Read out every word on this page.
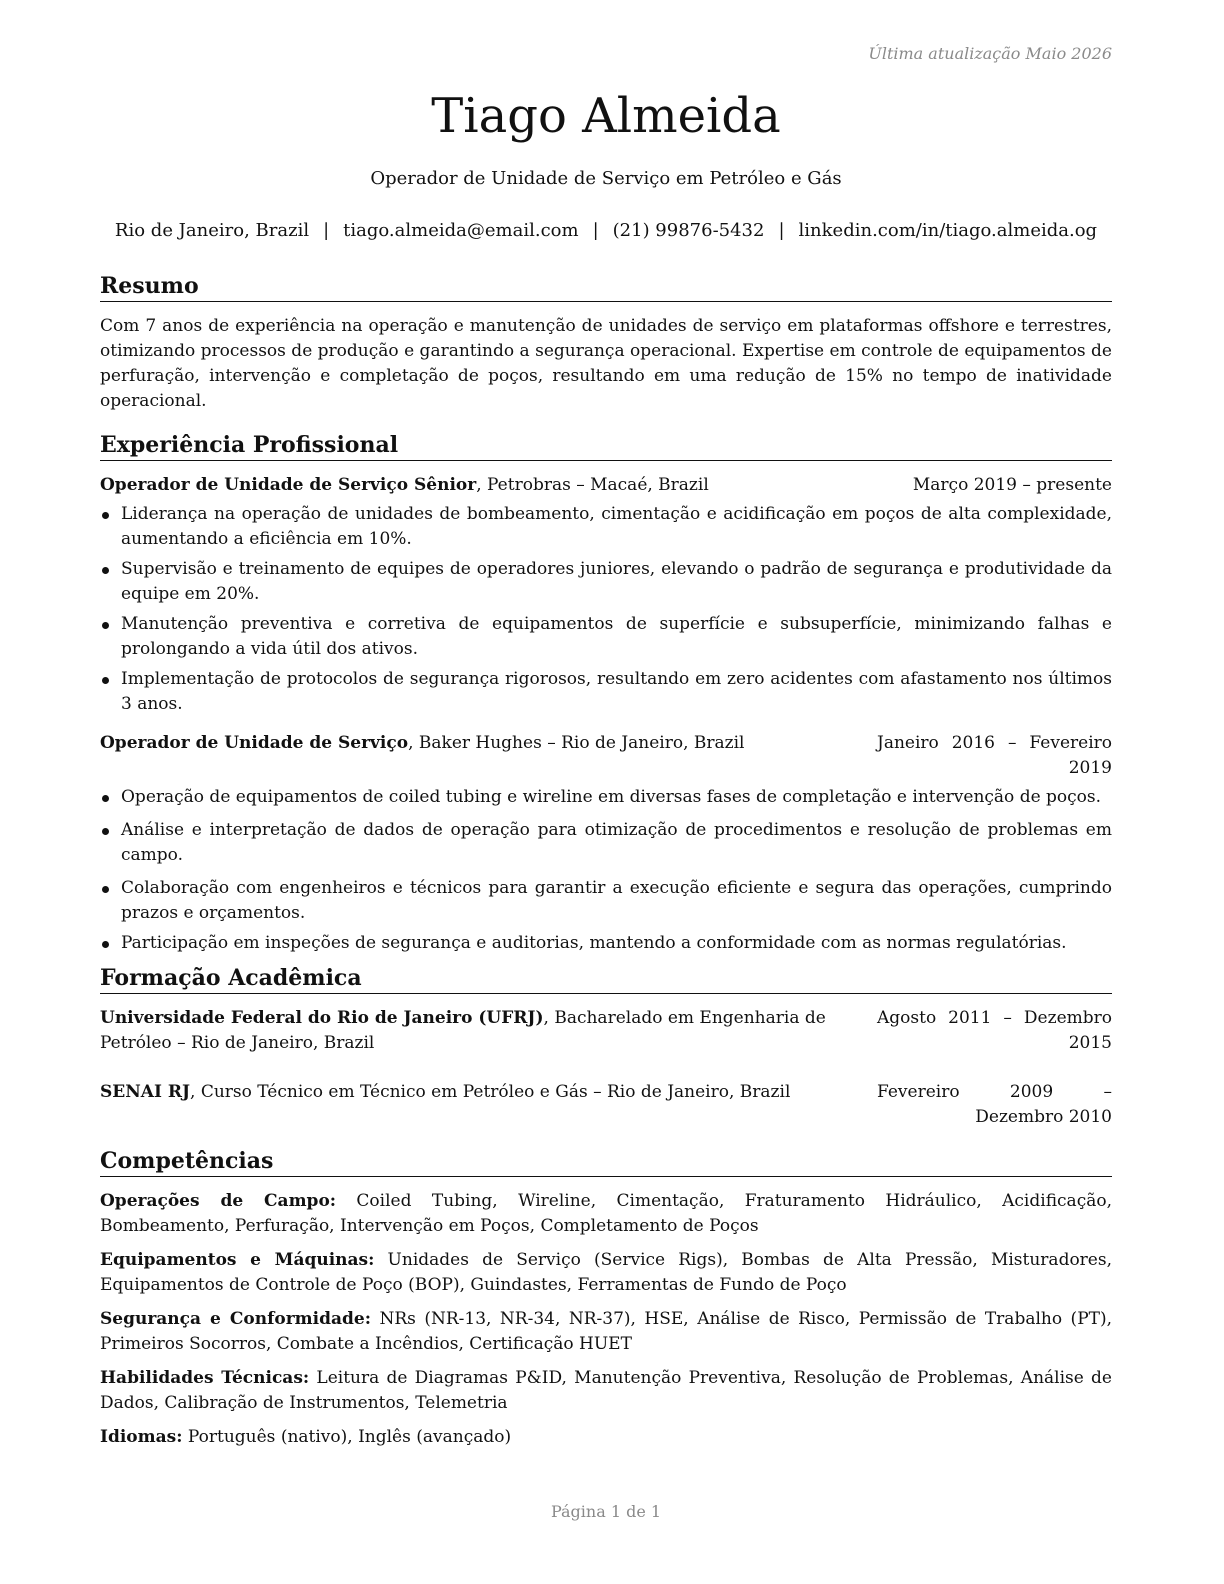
Última atualização Maio 2026
Tiago Almeida
Operador de Unidade de Serviço em Petróleo e Gás
Rio de Janeiro, Brazil | tiago.almeida@email.com | (21) 99876-5432 | linkedin.com/in/tiago.almeida.og
Resumo

Com 7 anos de experiência na operação e manutenção de unidades de serviço em plataformas offshore e terrestres, otimizando processos de produção e garantindo a segurança operacional. Expertise em controle de equipamentos de perfuração, intervenção e completação de poços, resultando em uma redução de 15% no tempo de inatividade operacional.

Experiência Profissional
Operador de Unidade de Serviço Sênior, Petrobras – Macaé, Brazil	Março 2019 – presente
Liderança na operação de unidades de bombeamento, cimentação e acidificação em poços de alta complexidade, aumentando a eficiência em 10%.
Supervisão e treinamento de equipes de operadores juniores, elevando o padrão de segurança e produtividade da equipe em 20%.
Manutenção preventiva e corretiva de equipamentos de superfície e subsuperfície, minimizando falhas e prolongando a vida útil dos ativos.
Implementação de protocolos de segurança rigorosos, resultando em zero acidentes com afastamento nos últimos 3 anos.
Operador de Unidade de Serviço, Baker Hughes – Rio de Janeiro, Brazil	Janeiro 2016 – Fevereiro 2019
Operação de equipamentos de coiled tubing e wireline em diversas fases de completação e intervenção de poços.
Análise e interpretação de dados de operação para otimização de procedimentos e resolução de problemas em campo.
Colaboração com engenheiros e técnicos para garantir a execução eficiente e segura das operações, cumprindo prazos e orçamentos.
Participação em inspeções de segurança e auditorias, mantendo a conformidade com as normas regulatórias.
Formação Acadêmica
Universidade Federal do Rio de Janeiro (UFRJ), Bacharelado em Engenharia de Petróleo – Rio de Janeiro, Brazil
Agosto 2011 – Dezembro 2015
SENAI RJ, Curso Técnico em Técnico em Petróleo e Gás – Rio de Janeiro, Brazil	Fevereiro 2009 – Dezembro 2010
Competências
Operações de Campo: Coiled Tubing, Wireline, Cimentação, Fraturamento Hidráulico, Acidificação, Bombeamento, Perfuração, Intervenção em Poços, Completamento de Poços
Equipamentos e Máquinas: Unidades de Serviço (Service Rigs), Bombas de Alta Pressão, Misturadores, Equipamentos de Controle de Poço (BOP), Guindastes, Ferramentas de Fundo de Poço
Segurança e Conformidade: NRs (NR-13, NR-34, NR-37), HSE, Análise de Risco, Permissão de Trabalho (PT), Primeiros Socorros, Combate a Incêndios, Certificação HUET
Habilidades Técnicas: Leitura de Diagramas P&ID, Manutenção Preventiva, Resolução de Problemas, Análise de Dados, Calibração de Instrumentos, Telemetria
Idiomas: Português (nativo), Inglês (avançado)
Página 1 de 1
